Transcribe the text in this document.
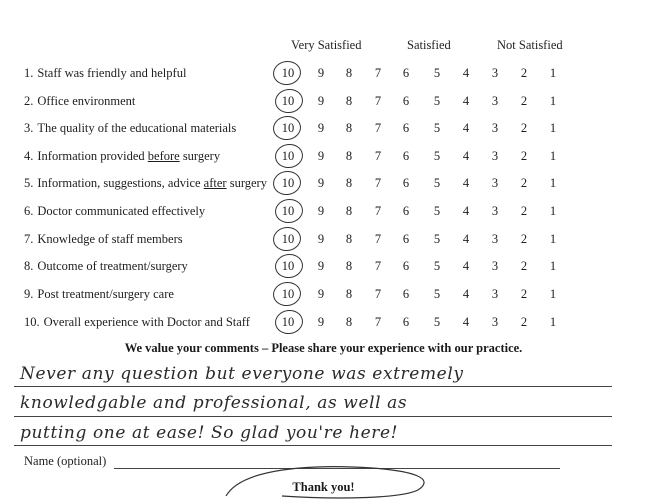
Very Satisfied	Satisfied	Not Satisfied
1. Staff was friendly and helpful	10	9	8	7	6	5	4	3	2	1
2. Office environment	10	9	8	7	6	5	4	3	2	1
3. The quality of the educational materials	10	9	8	7	6	5	4	3	2	1
4. Information provided before surgery	10	9	8	7	6	5	4	3	2	1
5. Information, suggestions, advice after surgery	10	9	8	7	6	5	4	3	2	1
6. Doctor communicated effectively	10	9	8	7	6	5	4	3	2	1
7. Knowledge of staff members	10	9	8	7	6	5	4	3	2	1
8. Outcome of treatment/surgery	10	9	8	7	6	5	4	3	2	1
9. Post treatment/surgery care	10	9	8	7	6	5	4	3	2	1
10. Overall experience with Doctor and Staff	10	9	8	7	6	5	4	3	2	1
We value your comments – Please share your experience with our practice.
Never any question but everyone was extremely
knowledgable and professional, as well as
putting one at ease! So glad you're here!
Name (optional)
Thank you!
